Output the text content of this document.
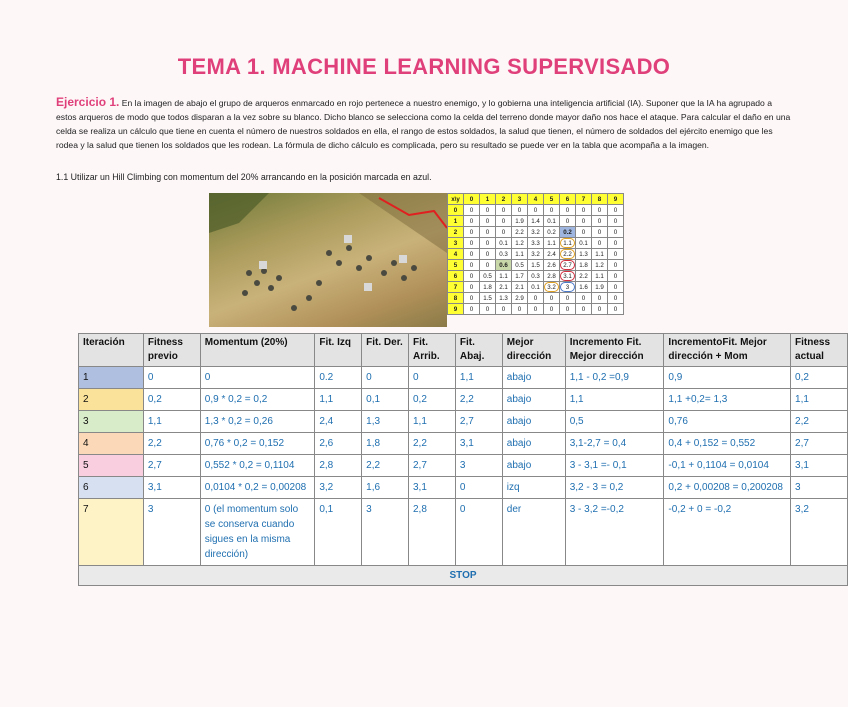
TEMA 1. MACHINE LEARNING SUPERVISADO
Ejercicio 1. En la imagen de abajo el grupo de arqueros enmarcado en rojo pertenece a nuestro enemigo, y lo gobierna una inteligencia artificial (IA). Suponer que la IA ha agrupado a estos arqueros de modo que todos disparan a la vez sobre su blanco. Dicho blanco se selecciona como la celda del terreno donde mayor daño nos hace el ataque. Para calcular el daño en una celda se realiza un cálculo que tiene en cuenta el número de nuestros soldados en ella, el rango de estos soldados, la salud que tienen, el número de soldados del ejército enemigo que les rodea y la salud que tienen los soldados que les rodean. La fórmula de dicho cálculo es complicada, pero su resultado se puede ver en la tabla que acompaña a la imagen.
1.1 Utilizar un Hill Climbing con momentum del 20% arrancando en la posición marcada en azul.
x\y	0	1	2	3	4	5	6	7	8	9
0	0	0	0	0	0	0	0	0	0	0
1	0	0	0	1.9	1.4	0.1	0	0	0	0
2	0	0	0	2.2	3.2	0.2	0.2	0	0	0
3	0	0	0.1	1.2	3.3	1.1	1.1	0.1	0	0
4	0	0	0.3	1.1	3.2	2.4	2.2	1.3	1.1	0
5	0	0	0.6	0.5	1.5	2.6	2.7	1.8	1.2	0
6	0	0.5	1.1	1.7	0.3	2.8	3.1	2.2	1.1	0
7	0	1.8	2.1	2.1	0.1	3.2	3	1.6	1.9	0
8	0	1.5	1.3	2.9	0	0	0	0	0	0
9	0	0	0	0	0	0	0	0	0	0
Iteración	Fitness previo	Momentum (20%)	Fit. Izq	Fit. Der.	Fit. Arrib.	Fit. Abaj.	Mejor dirección	Incremento Fit. Mejor dirección	IncrementoFit. Mejor dirección + Mom	Fitness actual
1	0	0	0.2	0	0	1,1	abajo	1,1 - 0,2 =0,9	0,9	0,2
2	0,2	0,9 * 0,2 = 0,2	1,1	0,1	0,2	2,2	abajo	1,1	1,1 +0,2= 1,3	1,1
3	1,1	1,3 * 0,2 = 0,26	2,4	1,3	1,1	2,7	abajo	0,5	0,76	2,2
4	2,2	0,76 * 0,2 = 0,152	2,6	1,8	2,2	3,1	abajo	3,1-2,7 = 0,4	0,4 + 0,152 = 0,552	2,7
5	2,7	0,552 * 0,2 = 0,1104	2,8	2,2	2,7	3	abajo	3 - 3,1 =- 0,1	-0,1 + 0,1104 = 0,0104	3,1
6	3,1	0,0104 * 0,2 = 0,00208	3,2	1,6	3,1	0	izq	3,2 - 3 = 0,2	0,2 + 0,00208 = 0,200208	3
7	3	0 (el momentum solo se conserva cuando sigues en la misma dirección)	0,1	3	2,8	0	der	3 - 3,2 =-0,2	-0,2 + 0 = -0,2	3,2
STOP										
